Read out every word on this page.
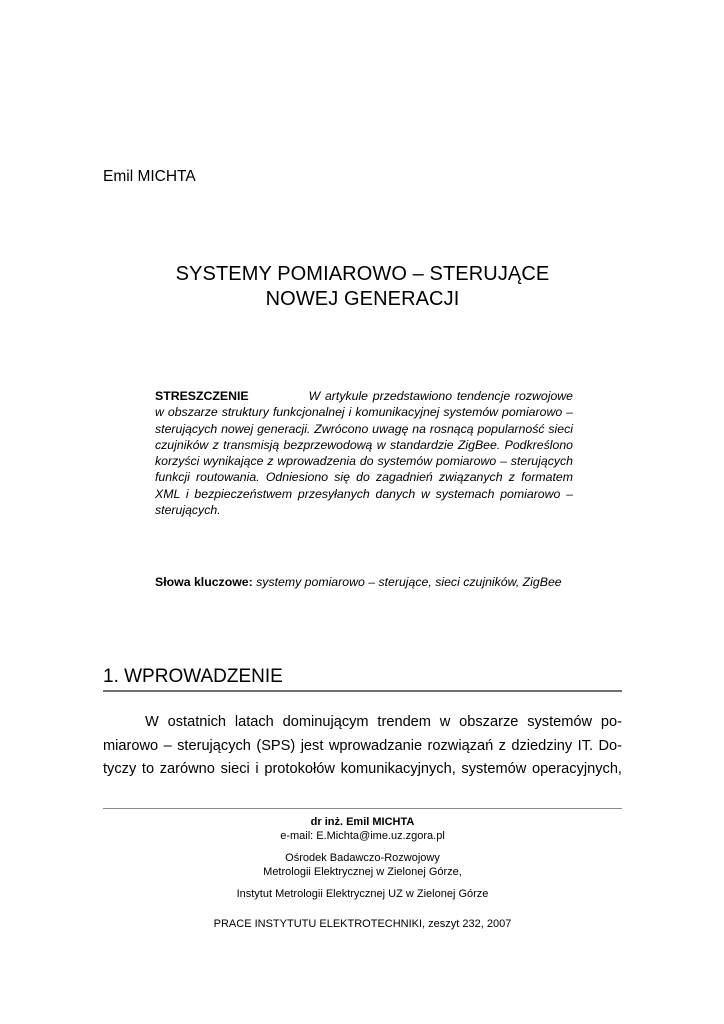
Emil MICHTA
SYSTEMY POMIAROWO – STERUJĄCE
NOWEJ GENERACJI
STRESZCZENIE	W artykule przedstawiono tendencje rozwojowe w obszarze struktury funkcjonalnej i komunikacyjnej systemów pomiarowo – sterujących nowej generacji. Zwrócono uwagę na rosnącą popularność sieci czujników z transmisją bezprzewodową w standardzie ZigBee. Podkreślono korzyści wynikające z wprowadzenia do systemów pomiarowo – sterujących funkcji routowania. Odniesiono się do zagadnień związanych z formatem XML i bezpieczeństwem przesyłanych danych w systemach pomiarowo – sterujących.
Słowa kluczowe: systemy pomiarowo – sterujące, sieci czujników, ZigBee
1. WPROWADZENIE
W ostatnich latach dominującym trendem w obszarze systemów po-
miarowo – sterujących (SPS) jest wprowadzanie rozwiązań z dziedziny IT. Do-
tyczy to zarówno sieci i protokołów komunikacyjnych, systemów operacyjnych,
dr inż. Emil MICHTA
e-mail: E.Michta@ime.uz.zgora.pl
Ośrodek Badawczo-Rozwojowy
Metrologii Elektrycznej w Zielonej Górze,
Instytut Metrologii Elektrycznej UZ w Zielonej Górze
PRACE INSTYTUTU ELEKTROTECHNIKI, zeszyt 232, 2007
